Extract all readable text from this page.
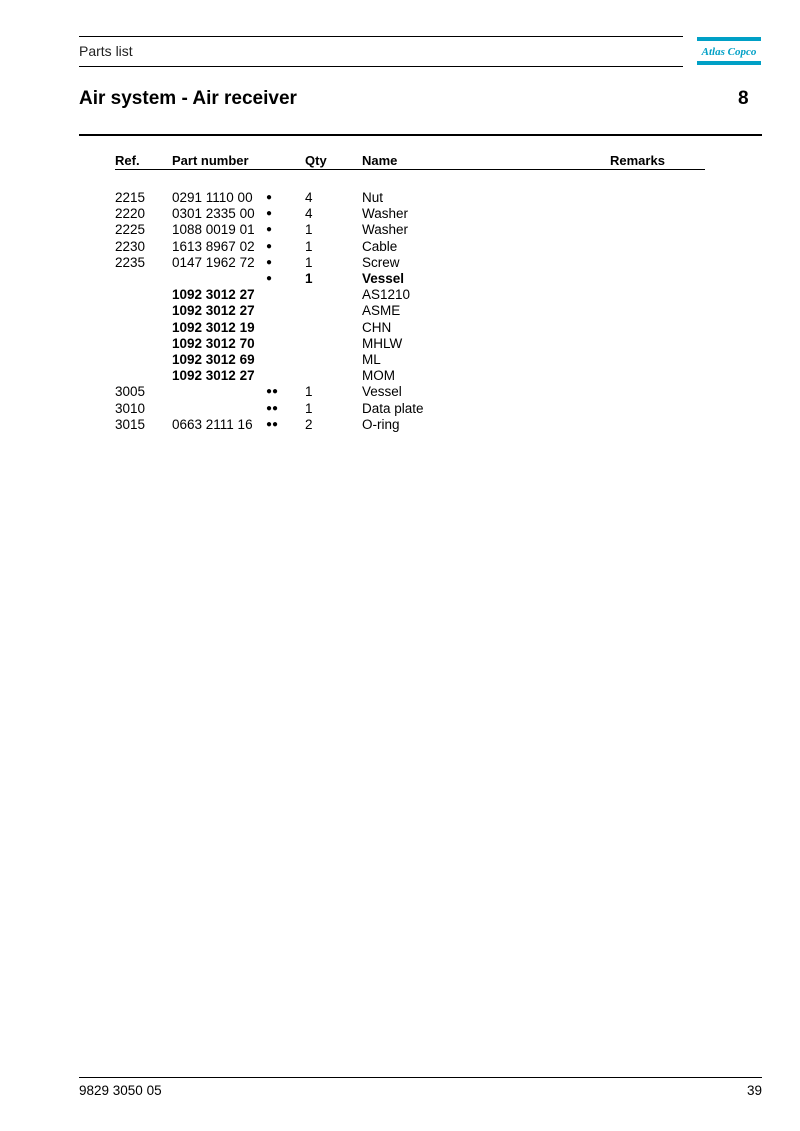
Parts list	Atlas Copco
Air system - Air receiver	8
Ref. Part number	Qty	Name	Remarks
2215 0291 1110 00 ● 4	Nut
2220 0301 2335 00 ● 4	Washer
2225 1088 0019 01 ● 1	Washer
2230 1613 8967 02 ● 1	Cable
2235 0147 1962 72 ● 1	Screw
● 1	Vessel
1092 3012 27	AS1210
1092 3012 27	ASME
1092 3012 19	CHN
1092 3012 70	MHLW
1092 3012 69	ML
1092 3012 27	MOM
3005	●● 1	Vessel
3010	●● 1	Data plate
3015 0663 2111 16 ●● 2	O-ring
9829 3050 05	39
